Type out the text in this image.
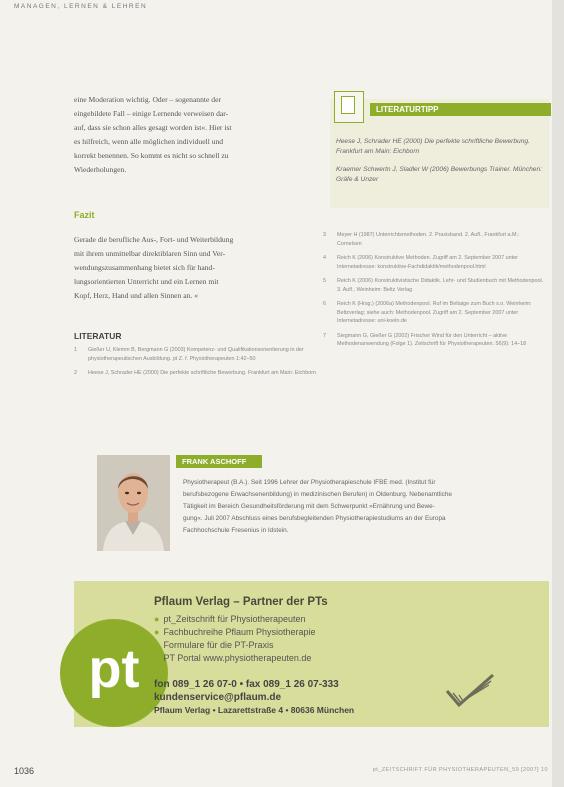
MANAGEN, LERNEN & LEHREN

eine Moderation wichtig. Oder – sogenannte der

eingebildete Fall – einige Lernende verweisen dar-

auf, dass sie schon alles gesagt worden ist«. Hier ist

es hilfreich, wenn alle möglichen individuell und

korrekt benennen. So kommt es nicht so schnell zu

Wiederholungen.

LITERATURTIPP

Heese J, Schrader HE (2000) Die perfekte schriftliche Bewerbung. Frankfurt am Main: Eichborn

Kraemer Schwertn J, Sladler W (2006) Bewerbungs Trainer. München: Gräfe & Unzer

Fazit
Gerade die berufliche Aus-, Fort- und Weiterbildung
mit ihrem unmittelbar direktiblaren Sinn und Ver-
wendungszusammenhang bietet sich für hand-
lungsorientierten Unterricht und ein Lernen mit
Kopf, Herz, Hand und allen Sinnen an. «
LITERATUR
1	Gießer U, Klemm B, Bergmann G (2003) Kompetenz- und Qualifikationsorientierung in der physiotherapeutischen Ausbildung. pt Z. f. Physiotherapeuten 1:42–50
2	Heese J, Schrader HE (2000) Die perfekte schriftliche Bewerbung. Frankfurt am Main: Eichborn
3	Meyer H (1987) Unterrichtsmethoden. 2. Praxisband. 2. Aufl., Frankfurt a.M.: Cornelsen
4	Reich K (2006) Konstruktive Methoden. Zugriff am 2. September 2007 unter Internetadresse: konstruktive-Fachdidaktik/methodenpool.html
5	Reich K (2006) Konstruktivistische Didaktik. Lehr- und Studienbuch mit Methodenpool. 3. Aufl., Weinheim: Beltz Verlag
6	Reich K (Hrsg.) (2006a) Methodenpool. Ruf im Beltaige zum Buch s.o. Weinheim: Beltzverlag; siehe auch: Methodenpool. Zugriff am 2. September 2007 unter Internetadresse: uni-koeln.de
7	Siegmann G, Gießer G (2002) Frischer Wind für den Unterricht – aktive Methodenanwendung (Folge 1). Zeitschrift für Physiotherapeuten. 56(9): 14–18
FRANK ASCHOFF
Physiotherapeut (B.A.). Seit 1996 Lehrer der Physiotherapieschule IFBE med. (Institut für
berufsbezogene Erwachsenenbildung) in medizinischen Berufen) in Oldenburg. Nebenamtliche
Tätigkeit im Bereich Gesundheitsförderung mit dem Schwerpunkt »Ernährung und Bewe-
gung«. Juli 2007 Abschluss eines berufsbegleitenden Physiotherapiestudiums an der Europa
Fachhochschule Fresenius in Idstein.
pt
Pflaum Verlag – Partner der PTs
● pt_Zeitschrift für Physiotherapeuten
● Fachbuchreihe Pflaum Physiotherapie
● Formulare für die PT-Praxis
● PT Portal www.physiotherapeuten.de
fon 089_1 26 07-0 • fax 089_1 26 07-333
kundenservice@pflaum.de
Pflaum Verlag • Lazarettstraße 4 • 80636 München
1036	pt_ZEITSCHRIFT FÜR PHYSIOTHERAPEUTEN_59 [2007] 10
